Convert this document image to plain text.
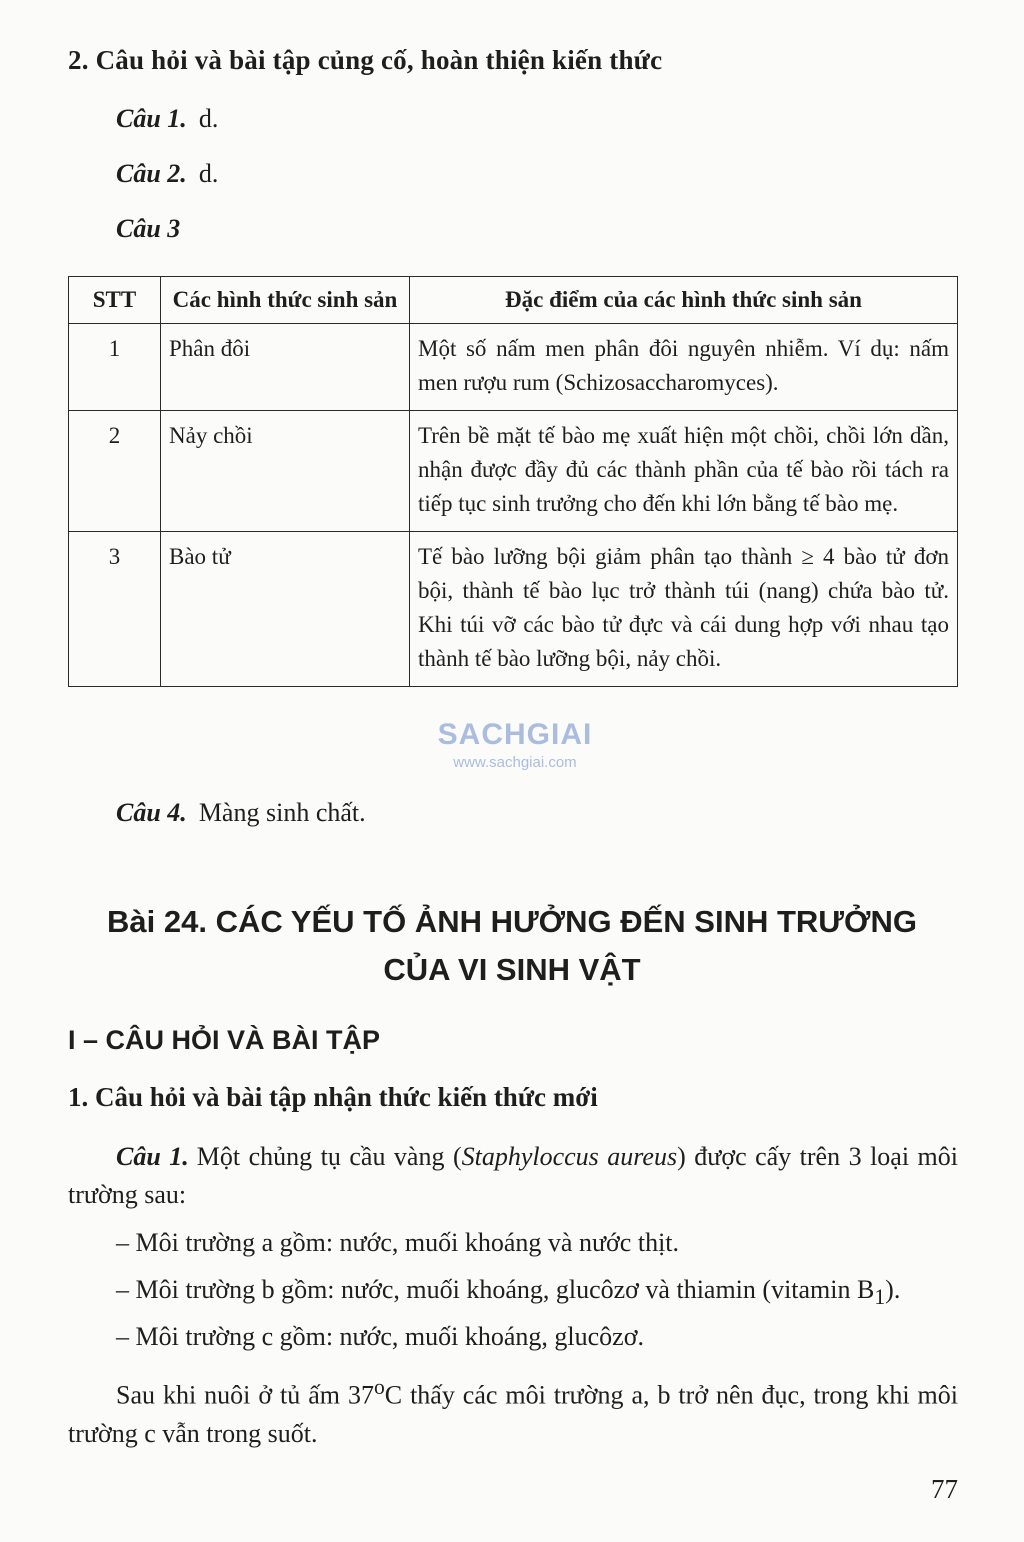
2. Câu hỏi và bài tập củng cố, hoàn thiện kiến thức
Câu 1. d.
Câu 2. d.
Câu 3
STT	Các hình thức sinh sản	Đặc điểm của các hình thức sinh sản
1	Phân đôi	Một số nấm men phân đôi nguyên nhiễm. Ví dụ: nấm men rượu rum (Schizosaccharomyces).
2	Nảy chồi	Trên bề mặt tế bào mẹ xuất hiện một chồi, chồi lớn dần, nhận được đầy đủ các thành phần của tế bào rồi tách ra tiếp tục sinh trưởng cho đến khi lớn bằng tế bào mẹ.
3	Bào tử	Tế bào lưỡng bội giảm phân tạo thành ≥ 4 bào tử đơn bội, thành tế bào lục trở thành túi (nang) chứa bào tử. Khi túi vỡ các bào tử đực và cái dung hợp với nhau tạo thành tế bào lưỡng bội, nảy chồi.
SACHGIAI
www.sachgiai.com
Câu 4. Màng sinh chất.
Bài 24. CÁC YẾU TỐ ẢNH HƯỞNG ĐẾN SINH TRƯỞNG
CỦA VI SINH VẬT
I – CÂU HỎI VÀ BÀI TẬP
1. Câu hỏi và bài tập nhận thức kiến thức mới
Câu 1. Một chủng tụ cầu vàng (Staphyloccus aureus) được cấy trên 3 loại môi trường sau:
– Môi trường a gồm: nước, muối khoáng và nước thịt.
– Môi trường b gồm: nước, muối khoáng, glucôzơ và thiamin (vitamin $B_1$).
– Môi trường c gồm: nước, muối khoáng, glucôzơ.
Sau khi nuôi ở tủ ấm 37$^o$C thấy các môi trường a, b trở nên đục, trong khi môi trường c vẫn trong suốt.
77
